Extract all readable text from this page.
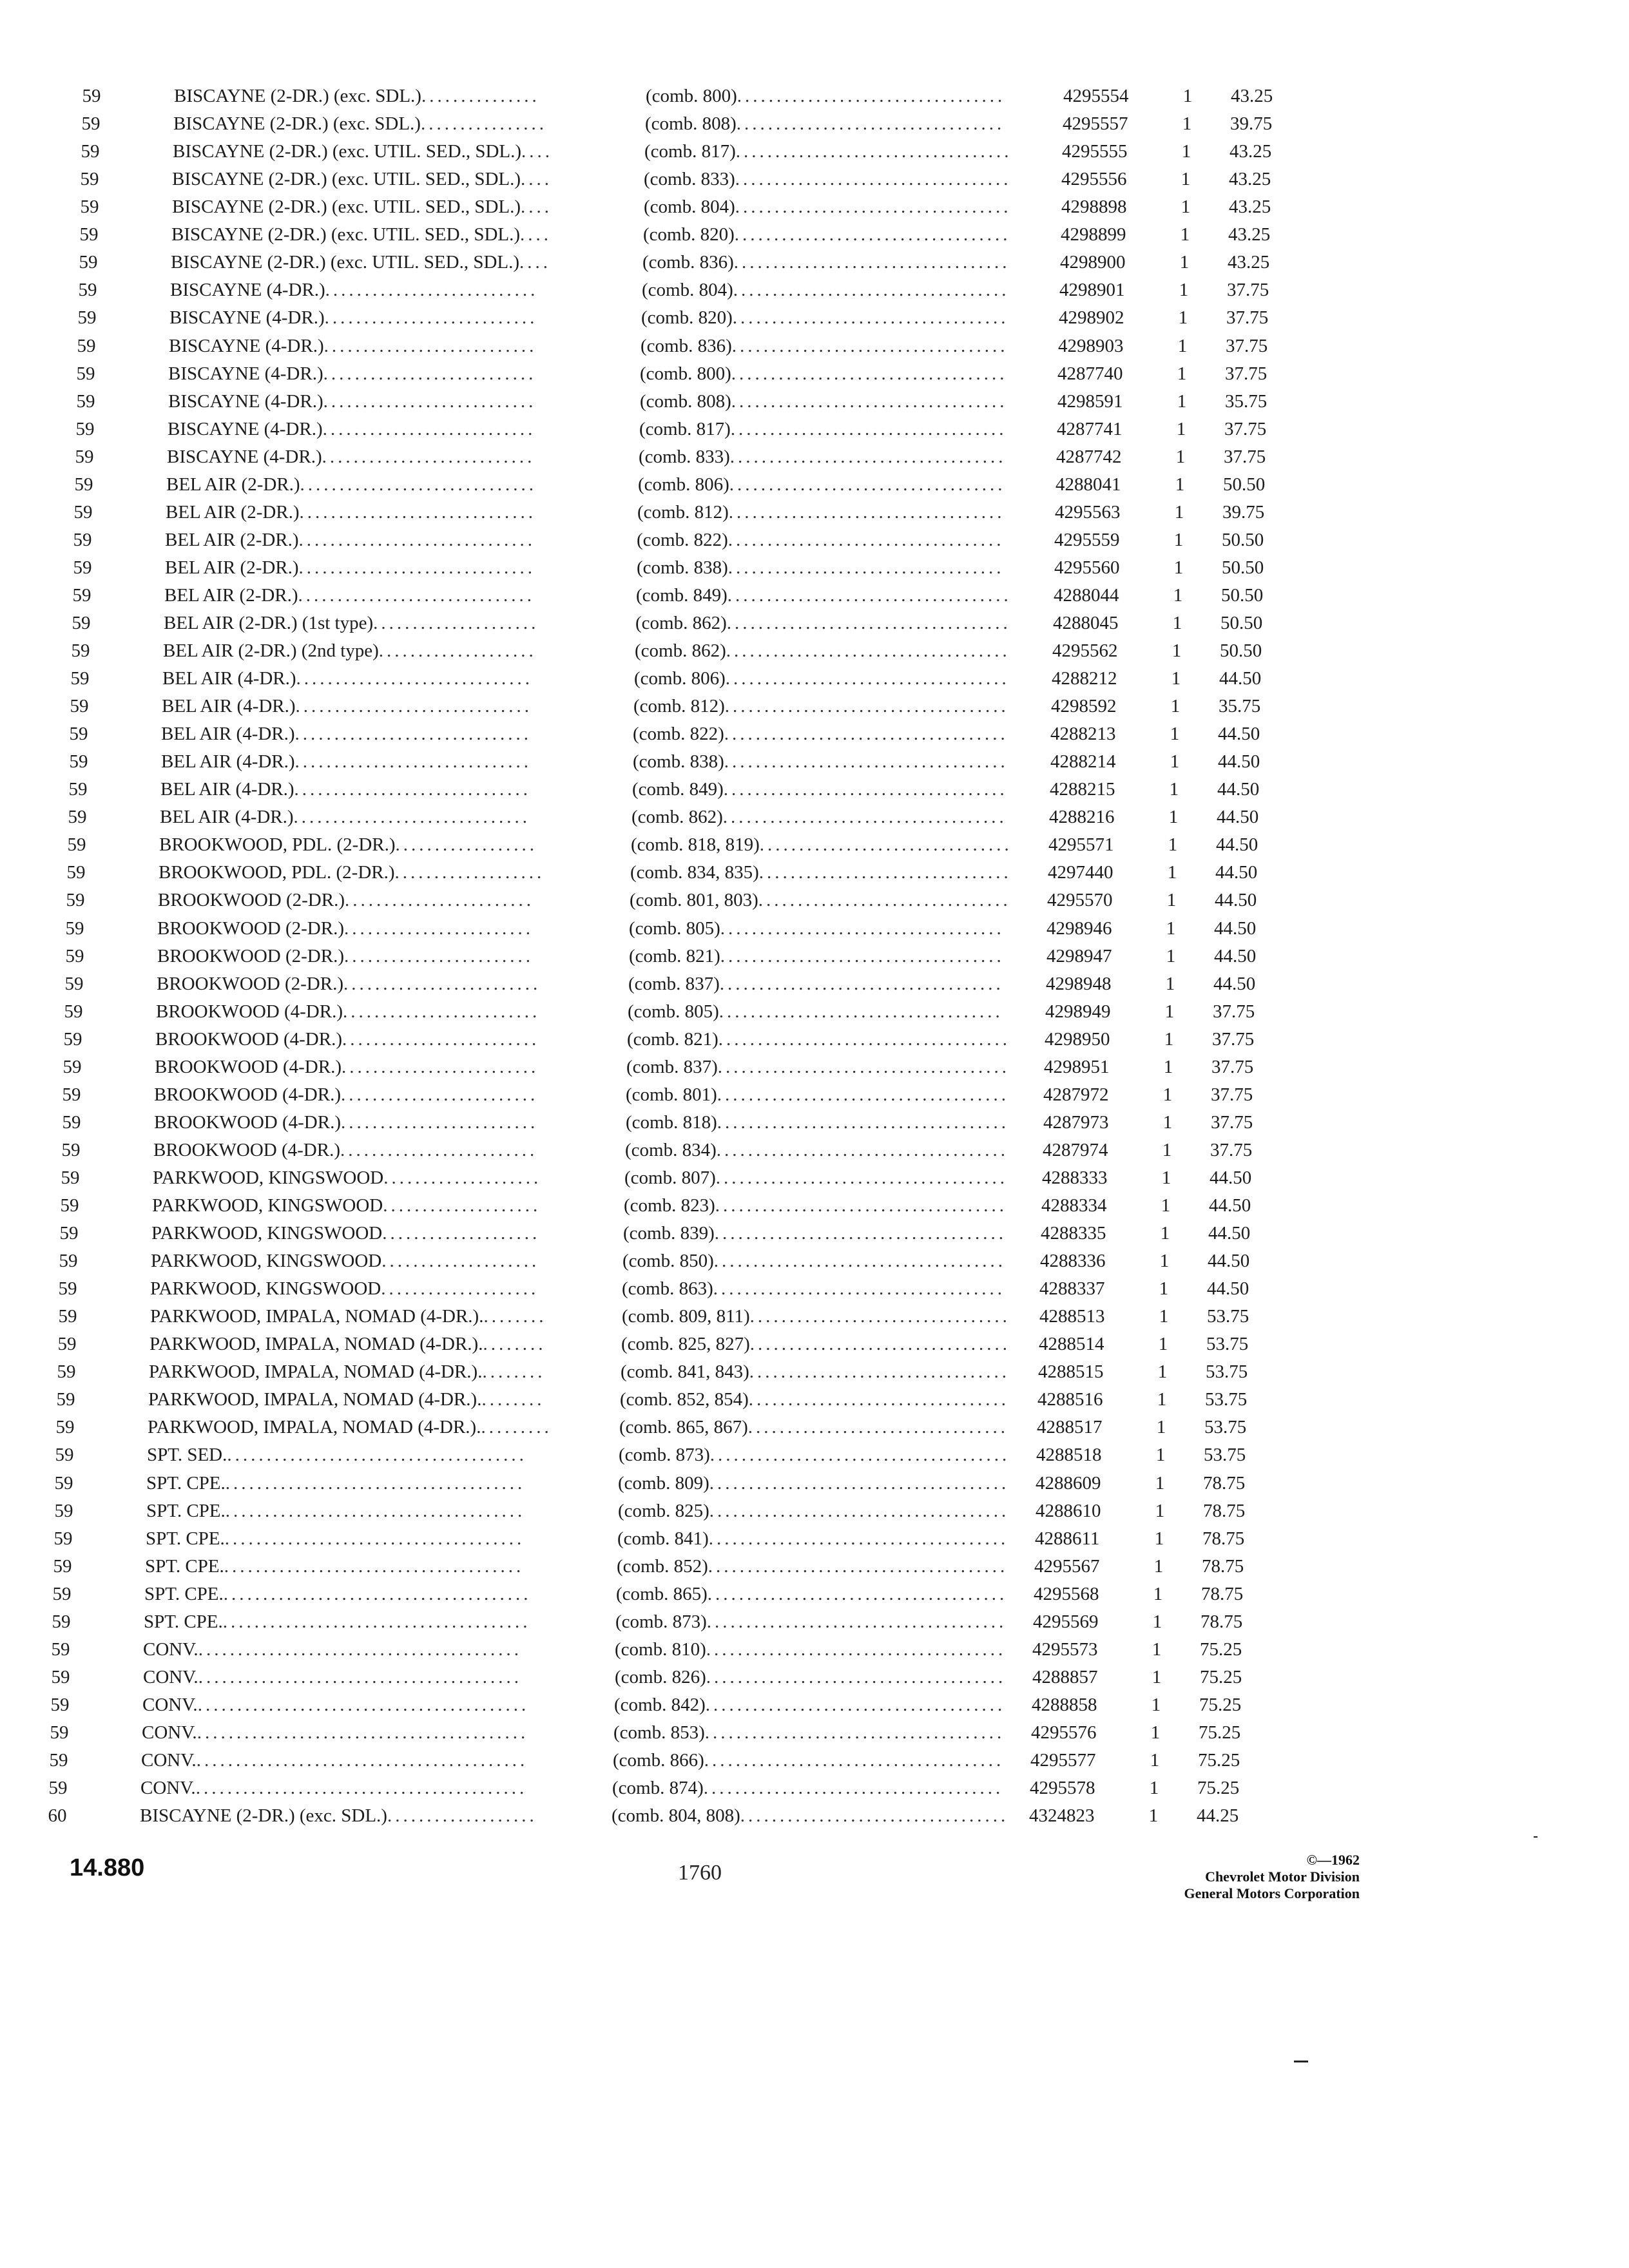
59	BISCAYNE (2-DR.) (exc. SDL.)...............	(comb. 800)..................................	4295554	1 43.25
59	BISCAYNE (2-DR.) (exc. SDL.)................	(comb. 808)..................................	4295557	1 39.75
59	BISCAYNE (2-DR.) (exc. UTIL. SED., SDL.)....	(comb. 817)...................................	4295555	1 43.25
59	BISCAYNE (2-DR.) (exc. UTIL. SED., SDL.)....	(comb. 833)...................................	4295556	1 43.25
59	BISCAYNE (2-DR.) (exc. UTIL. SED., SDL.)....	(comb. 804)...................................	4298898	1 43.25
59	BISCAYNE (2-DR.) (exc. UTIL. SED., SDL.)....	(comb. 820)...................................	4298899	1 43.25
59	BISCAYNE (2-DR.) (exc. UTIL. SED., SDL.)....	(comb. 836)...................................	4298900	1 43.25
59	BISCAYNE (4-DR.)...........................	(comb. 804)...................................	4298901	1 37.75
59	BISCAYNE (4-DR.)...........................	(comb. 820)...................................	4298902	1 37.75
59	BISCAYNE (4-DR.)...........................	(comb. 836)...................................	4298903	1 37.75
59	BISCAYNE (4-DR.)...........................	(comb. 800)...................................	4287740	1 37.75
59	BISCAYNE (4-DR.)...........................	(comb. 808)...................................	4298591	1 35.75
59	BISCAYNE (4-DR.)...........................	(comb. 817)...................................	4287741	1 37.75
59	BISCAYNE (4-DR.)...........................	(comb. 833)...................................	4287742	1 37.75
59	BEL AIR (2-DR.)..............................	(comb. 806)...................................	4288041	1 50.50
59	BEL AIR (2-DR.)..............................	(comb. 812)...................................	4295563	1 39.75
59	BEL AIR (2-DR.)..............................	(comb. 822)...................................	4295559	1 50.50
59	BEL AIR (2-DR.)..............................	(comb. 838)...................................	4295560	1 50.50
59	BEL AIR (2-DR.)..............................	(comb. 849)....................................	4288044	1 50.50
59	BEL AIR (2-DR.) (1st type).....................	(comb. 862)....................................	4288045	1 50.50
59	BEL AIR (2-DR.) (2nd type)....................	(comb. 862)....................................	4295562	1 50.50
59	BEL AIR (4-DR.)..............................	(comb. 806)....................................	4288212	1 44.50
59	BEL AIR (4-DR.)..............................	(comb. 812)....................................	4298592	1 35.75
59	BEL AIR (4-DR.)..............................	(comb. 822)....................................	4288213	1 44.50
59	BEL AIR (4-DR.)..............................	(comb. 838)....................................	4288214	1 44.50
59	BEL AIR (4-DR.)..............................	(comb. 849)....................................	4288215	1 44.50
59	BEL AIR (4-DR.)..............................	(comb. 862)....................................	4288216	1 44.50
59	BROOKWOOD, PDL. (2-DR.)..................	(comb. 818, 819)................................	4295571	1 44.50
59	BROOKWOOD, PDL. (2-DR.)...................	(comb. 834, 835)................................	4297440	1 44.50
59	BROOKWOOD (2-DR.)........................	(comb. 801, 803)................................	4295570	1 44.50
59	BROOKWOOD (2-DR.)........................	(comb. 805)....................................	4298946	1 44.50
59	BROOKWOOD (2-DR.)........................	(comb. 821)....................................	4298947	1 44.50
59	BROOKWOOD (2-DR.).........................	(comb. 837)....................................	4298948	1 44.50
59	BROOKWOOD (4-DR.).........................	(comb. 805)....................................	4298949	1 37.75
59	BROOKWOOD (4-DR.).........................	(comb. 821).....................................	4298950	1 37.75
59	BROOKWOOD (4-DR.).........................	(comb. 837).....................................	4298951	1 37.75
59	BROOKWOOD (4-DR.).........................	(comb. 801).....................................	4287972	1 37.75
59	BROOKWOOD (4-DR.).........................	(comb. 818).....................................	4287973	1 37.75
59	BROOKWOOD (4-DR.).........................	(comb. 834).....................................	4287974	1 37.75
59	PARKWOOD, KINGSWOOD....................	(comb. 807).....................................	4288333	1 44.50
59	PARKWOOD, KINGSWOOD....................	(comb. 823).....................................	4288334	1 44.50
59	PARKWOOD, KINGSWOOD....................	(comb. 839).....................................	4288335	1 44.50
59	PARKWOOD, KINGSWOOD....................	(comb. 850).....................................	4288336	1 44.50
59	PARKWOOD, KINGSWOOD....................	(comb. 863).....................................	4288337	1 44.50
59	PARKWOOD, IMPALA, NOMAD (4-DR.).........	(comb. 809, 811).................................	4288513	1 53.75
59	PARKWOOD, IMPALA, NOMAD (4-DR.).........	(comb. 825, 827).................................	4288514	1 53.75
59	PARKWOOD, IMPALA, NOMAD (4-DR.).........	(comb. 841, 843).................................	4288515	1 53.75
59	PARKWOOD, IMPALA, NOMAD (4-DR.).........	(comb. 852, 854).................................	4288516	1 53.75
59	PARKWOOD, IMPALA, NOMAD (4-DR.)..........	(comb. 865, 867).................................	4288517	1 53.75
59	SPT. SED.......................................	(comb. 873)......................................	4288518	1 53.75
59	SPT. CPE.......................................	(comb. 809)......................................	4288609	1 78.75
59	SPT. CPE.......................................	(comb. 825)......................................	4288610	1 78.75
59	SPT. CPE.......................................	(comb. 841)......................................	4288611	1 78.75
59	SPT. CPE.......................................	(comb. 852)......................................	4295567	1 78.75
59	SPT. CPE........................................	(comb. 865)......................................	4295568	1 78.75
59	SPT. CPE........................................	(comb. 873)......................................	4295569	1 78.75
59	CONV..........................................	(comb. 810)......................................	4295573	1 75.25
59	CONV..........................................	(comb. 826)......................................	4288857	1 75.25
59	CONV...........................................	(comb. 842)......................................	4288858	1 75.25
59	CONV...........................................	(comb. 853)......................................	4295576	1 75.25
59	CONV...........................................	(comb. 866)......................................	4295577	1 75.25
59	CONV...........................................	(comb. 874)......................................	4295578	1 75.25
60	BISCAYNE (2-DR.) (exc. SDL.)...................	(comb. 804, 808)..................................	4324823	1 44.25
14.880	1760
©—1962
Chevrolet Motor Division
General Motors Corporation
